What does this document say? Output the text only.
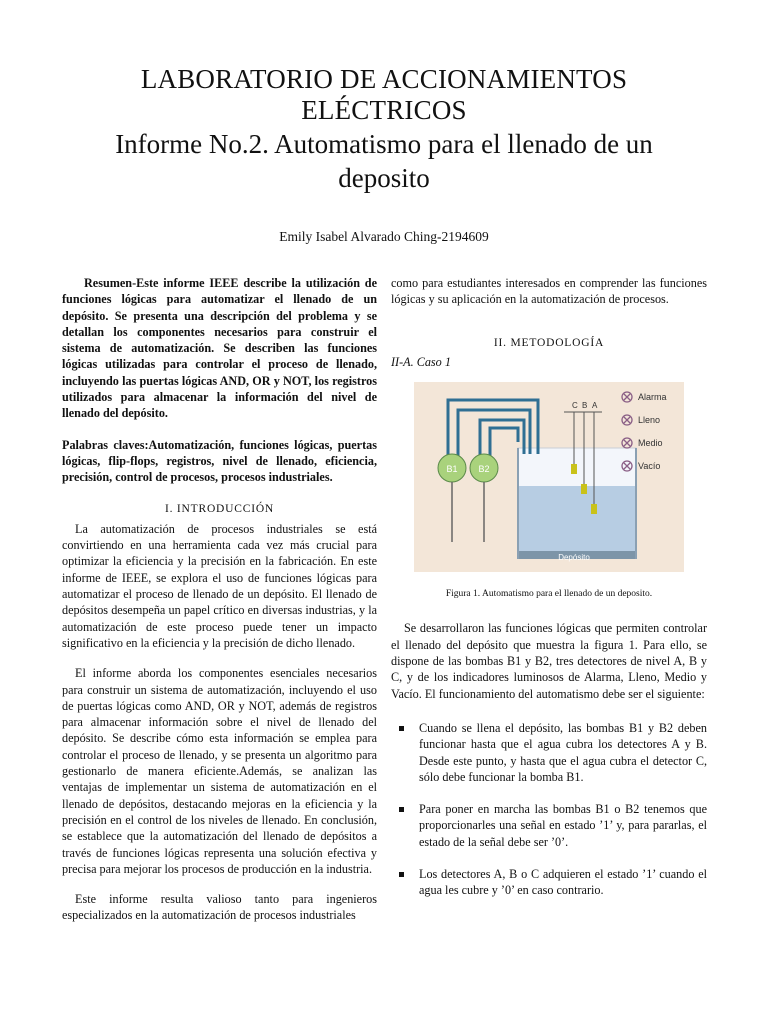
LABORATORIO DE ACCIONAMIENTOS
ELÉCTRICOS
Informe No.2. Automatismo para el llenado de un
deposito
Emily Isabel Alvarado Ching-2194609

Resumen-Este informe IEEE describe la utilización de funciones lógicas para automatizar el llenado de un depósito. Se presenta una descripción del problema y se detallan los componentes necesarios para construir el sistema de automatización. Se describen las funciones lógicas utilizadas para controlar el proceso de llenado, incluyendo las puertas lógicas AND, OR y NOT, los registros utilizados para almacenar la información del nivel de llenado del depósito.

Palabras claves:Automatización, funciones lógicas, puertas lógicas, flip-flops, registros, nivel de llenado, eficiencia, precisión, control de procesos, procesos industriales.

I. INTRODUCCIÓN

La automatización de procesos industriales se está convirtiendo en una herramienta cada vez más crucial para optimizar la eficiencia y la precisión en la fabricación. En este informe de IEEE, se explora el uso de funciones lógicas para automatizar el proceso de llenado de un depósito. El llenado de depósitos desempeña un papel crítico en diversas industrias, y la automatización de este proceso puede tener un impacto significativo en la eficiencia y la precisión de dicho llenado.

El informe aborda los componentes esenciales necesarios para construir un sistema de automatización, incluyendo el uso de puertas lógicas como AND, OR y NOT, además de registros para almacenar información sobre el nivel de llenado del depósito. Se describe cómo esta información se emplea para controlar el proceso de llenado, y se presenta un algoritmo para gestionarlo de manera eficiente.Además, se analizan las ventajas de implementar un sistema de automatización en el llenado de depósitos, destacando mejoras en la eficiencia y la precisión en el control de los niveles de llenado. En conclusión, se establece que la automatización del llenado de depósitos a través de funciones lógicas representa una solución efectiva y precisa para mejorar los procesos de producción en la industria.

Este informe resulta valioso tanto para ingenieros especializados en la automatización de procesos industriales

como para estudiantes interesados en comprender las funciones lógicas y su aplicación en la automatización de procesos.

II. METODOLOGÍA
II-A. Caso 1
B1 B2
C B A
Depósito
Alarma
Lleno
Medio
Vacío
Figura 1. Automatismo para el llenado de un deposito.

Se desarrollaron las funciones lógicas que permiten controlar el llenado del depósito que muestra la figura 1. Para ello, se dispone de las bombas B1 y B2, tres detectores de nivel A, B y C, y de los indicadores luminosos de Alarma, Lleno, Medio y Vacío. El funcionamiento del automatismo debe ser el siguiente:

Cuando se llena el depósito, las bombas B1 y B2 deben funcionar hasta que el agua cubra los detectores A y B. Desde este punto, y hasta que el agua cubra el detector C, sólo debe funcionar la bomba B1.
Para poner en marcha las bombas B1 o B2 tenemos que proporcionarles una señal en estado ’1’ y, para pararlas, el estado de la señal debe ser ’0’.
Los detectores A, B o C adquieren el estado ’1’ cuando el agua les cubre y ’0’ en caso contrario.
